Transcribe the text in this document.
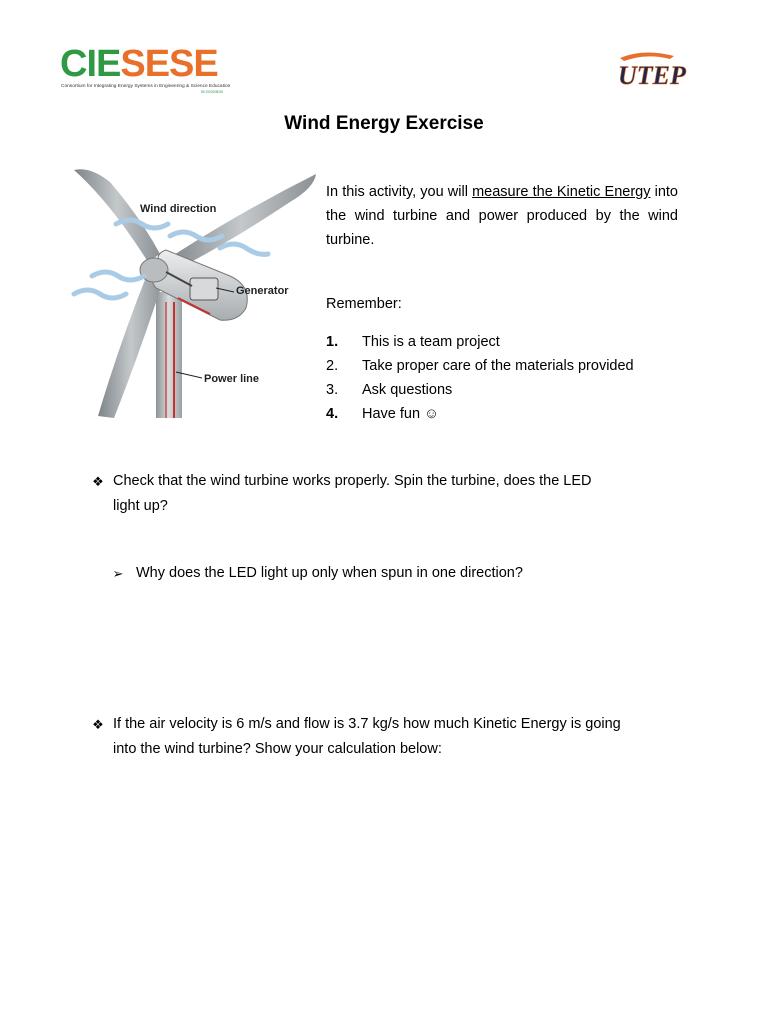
CIESESE
Consortium for Integrating Energy Systems in Engineering & Science Education
DE-EE0008025
UTEP
Wind Energy Exercise
Wind direction
Generator
Power line
In this activity, you will measure the Kinetic Energy into the wind turbine and power produced by the wind turbine.
Remember:
1.	This is a team project
2.	Take proper care of the materials provided
3.	Ask questions
4.	Have fun ☺
❖ Check that the wind turbine works properly. Spin the turbine, does the LED
light up?
➢ Why does the LED light up only when spun in one direction?
❖ If the air velocity is 6 m/s and flow is 3.7 kg/s how much Kinetic Energy is going
into the wind turbine? Show your calculation below:
